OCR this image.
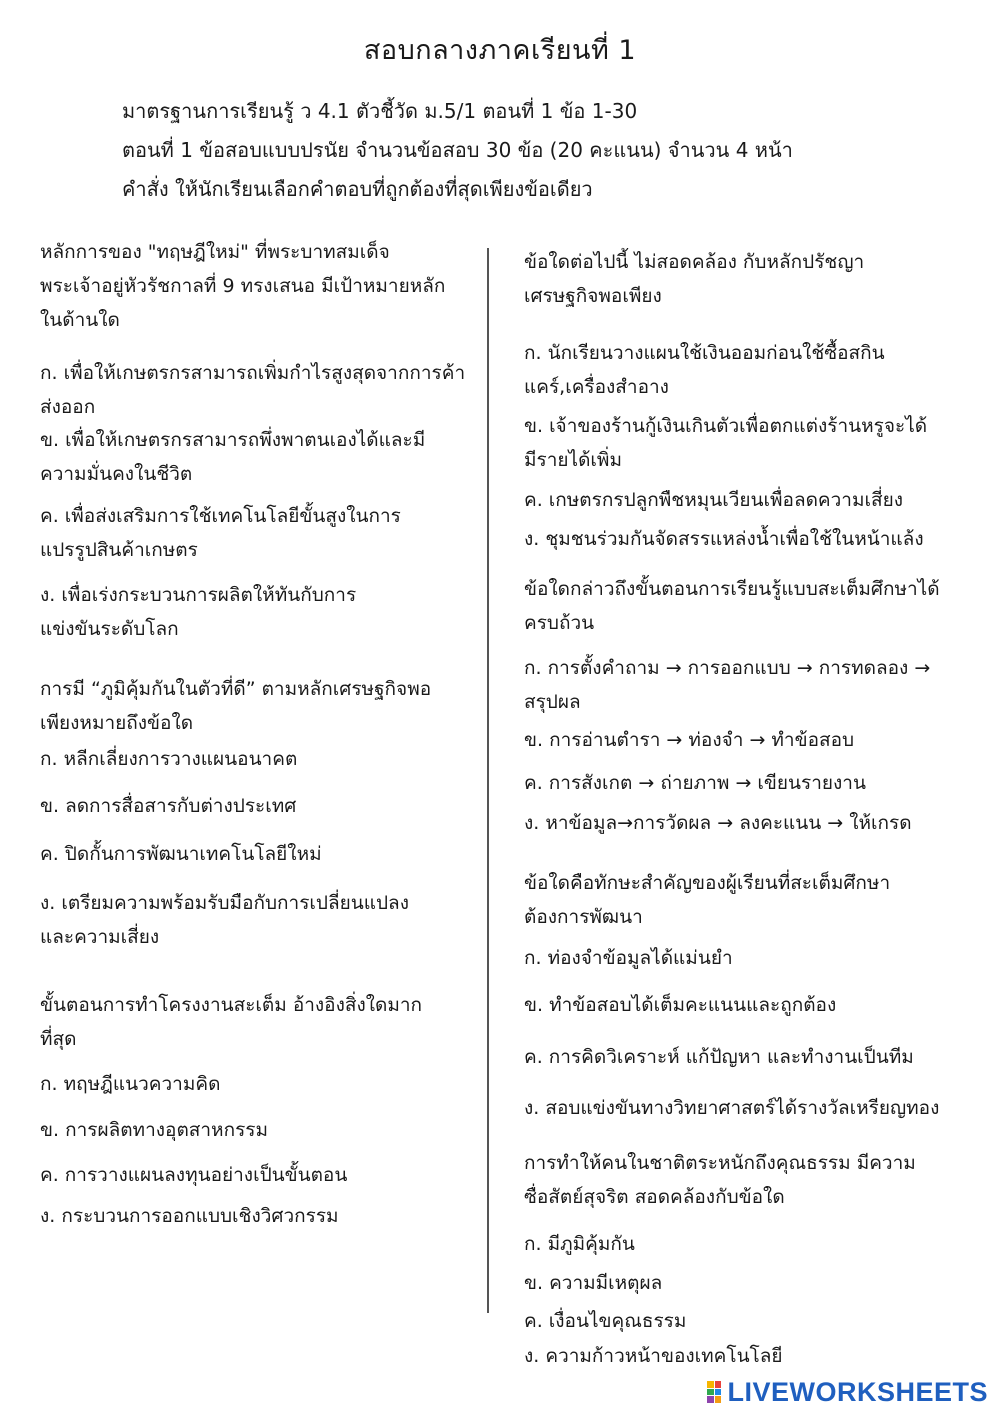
สอบกลางภาคเรียนที่ 1
มาตรฐานการเรียนรู้ ว 4.1 ตัวชี้วัด ม.5/1 ตอนที่ 1 ข้อ 1-30
ตอนที่ 1 ข้อสอบแบบปรนัย จำนวนข้อสอบ 30 ข้อ (20 คะแนน) จำนวน 4 หน้า
คำสั่ง ให้นักเรียนเลือกคำตอบที่ถูกต้องที่สุดเพียงข้อเดียว
หลักการของ "ทฤษฎีใหม่" ที่พระบาทสมเด็จ
พระเจ้าอยู่หัวรัชกาลที่ 9 ทรงเสนอ มีเป้าหมายหลัก
ในด้านใด
ก. เพื่อให้เกษตรกรสามารถเพิ่มกำไรสูงสุดจากการค้า
ส่งออก
ข. เพื่อให้เกษตรกรสามารถพึ่งพาตนเองได้และมี
ความมั่นคงในชีวิต
ค. เพื่อส่งเสริมการใช้เทคโนโลยีขั้นสูงในการ
แปรรูปสินค้าเกษตร
ง. เพื่อเร่งกระบวนการผลิตให้ทันกับการ
แข่งขันระดับโลก
การมี “ภูมิคุ้มกันในตัวที่ดี” ตามหลักเศรษฐกิจพอ
เพียงหมายถึงข้อใด
ก. หลีกเลี่ยงการวางแผนอนาคต
ข. ลดการสื่อสารกับต่างประเทศ
ค. ปิดกั้นการพัฒนาเทคโนโลยีใหม่
ง. เตรียมความพร้อมรับมือกับการเปลี่ยนแปลง
และความเสี่ยง
ขั้นตอนการทำโครงงานสะเต็ม อ้างอิงสิ่งใดมาก
ที่สุด
ก. ทฤษฎีแนวความคิด
ข. การผลิตทางอุตสาหกรรม
ค. การวางแผนลงทุนอย่างเป็นขั้นตอน
ง. กระบวนการออกแบบเชิงวิศวกรรม
ข้อใดต่อไปนี้ ไม่สอดคล้อง กับหลักปรัชญา
เศรษฐกิจพอเพียง
ก. นักเรียนวางแผนใช้เงินออมก่อนใช้ซื้อสกิน
แคร์,เครื่องสำอาง
ข. เจ้าของร้านกู้เงินเกินตัวเพื่อตกแต่งร้านหรูจะได้
มีรายได้เพิ่ม
ค. เกษตรกรปลูกพืชหมุนเวียนเพื่อลดความเสี่ยง
ง. ชุมชนร่วมกันจัดสรรแหล่งน้ำเพื่อใช้ในหน้าแล้ง
ข้อใดกล่าวถึงขั้นตอนการเรียนรู้แบบสะเต็มศึกษาได้
ครบถ้วน
ก. การตั้งคำถาม → การออกแบบ → การทดลอง →
สรุปผล
ข. การอ่านตำรา → ท่องจำ → ทำข้อสอบ
ค. การสังเกต → ถ่ายภาพ → เขียนรายงาน
ง. หาข้อมูล→การวัดผล → ลงคะแนน → ให้เกรด
ข้อใดคือทักษะสำคัญของผู้เรียนที่สะเต็มศึกษา
ต้องการพัฒนา
ก. ท่องจำข้อมูลได้แม่นยำ
ข. ทำข้อสอบได้เต็มคะแนนและถูกต้อง
ค. การคิดวิเคราะห์ แก้ปัญหา และทำงานเป็นทีม
ง. สอบแข่งขันทางวิทยาศาสตร์ได้รางวัลเหรียญทอง
การทำให้คนในชาติตระหนักถึงคุณธรรม มีความ
ซื่อสัตย์สุจริต สอดคล้องกับข้อใด
ก. มีภูมิคุ้มกัน
ข. ความมีเหตุผล
ค. เงื่อนไขคุณธรรม
ง. ความก้าวหน้าของเทคโนโลยี
LIVEWORKSHEETS
